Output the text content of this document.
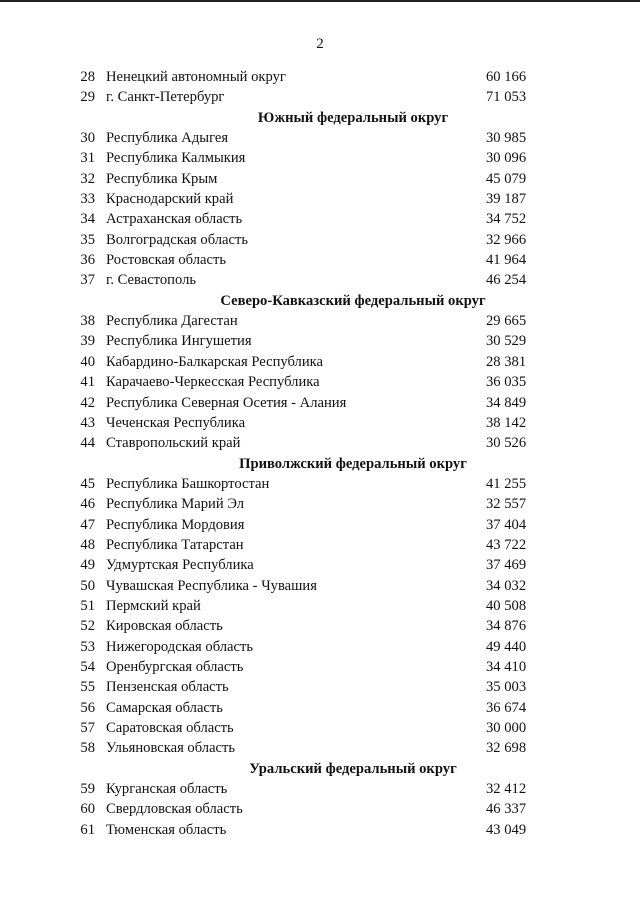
2
28 Ненецкий автономный округ	60 166
29 г. Санкт-Петербург	71 053
Южный федеральный округ
30 Республика Адыгея	30 985
31 Республика Калмыкия	30 096
32 Республика Крым	45 079
33 Краснодарский край	39 187
34 Астраханская область	34 752
35 Волгоградская область	32 966
36 Ростовская область	41 964
37 г. Севастополь	46 254
Северо-Кавказский федеральный округ
38 Республика Дагестан	29 665
39 Республика Ингушетия	30 529
40 Кабардино-Балкарская Республика	28 381
41 Карачаево-Черкесская Республика	36 035
42 Республика Северная Осетия - Алания	34 849
43 Чеченская Республика	38 142
44 Ставропольский край	30 526
Приволжский федеральный округ
45 Республика Башкортостан	41 255
46 Республика Марий Эл	32 557
47 Республика Мордовия	37 404
48 Республика Татарстан	43 722
49 Удмуртская Республика	37 469
50 Чувашская Республика - Чувашия	34 032
51 Пермский край	40 508
52 Кировская область	34 876
53 Нижегородская область	49 440
54 Оренбургская область	34 410
55 Пензенская область	35 003
56 Самарская область	36 674
57 Саратовская область	30 000
58 Ульяновская область	32 698
Уральский федеральный округ
59 Курганская область	32 412
60 Свердловская область	46 337
61 Тюменская область	43 049
